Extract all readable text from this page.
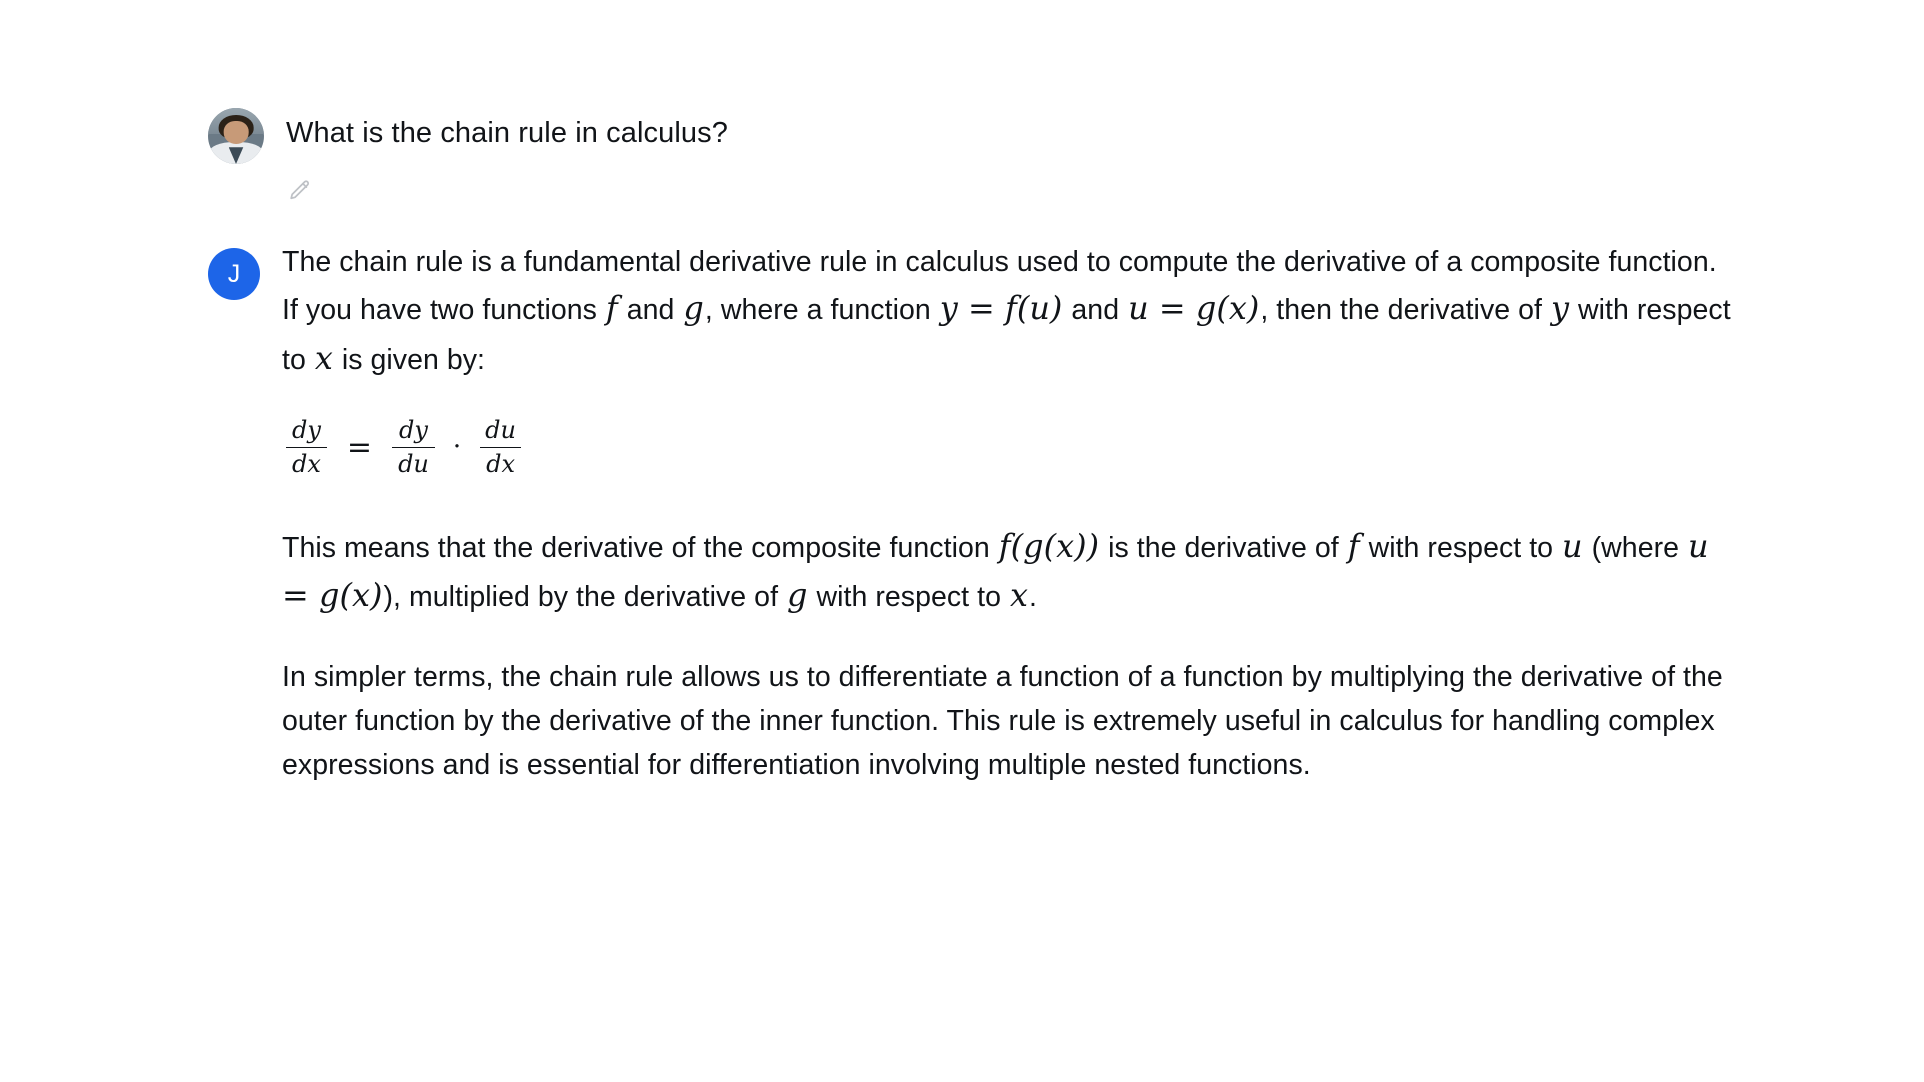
What is the chain rule in calculus?
J	The chain rule is a fundamental derivative rule in calculus used to compute the derivative of a composite function. If you have two functions f and g, where a function y = f(u) and u = g(x), then the derivative of y with respect to x is given by:

$\frac{dy}{dx} = \frac{dy}{du} \cdot \frac{du}{dx}$

This means that the derivative of the composite function f(g(x)) is the derivative of f with respect to u (where u = g(x)), multiplied by the derivative of g with respect to x.

In simpler terms, the chain rule allows us to differentiate a function of a function by multiplying the derivative of the outer function by the derivative of the inner function. This rule is extremely useful in calculus for handling complex expressions and is essential for differentiation involving multiple nested functions.
